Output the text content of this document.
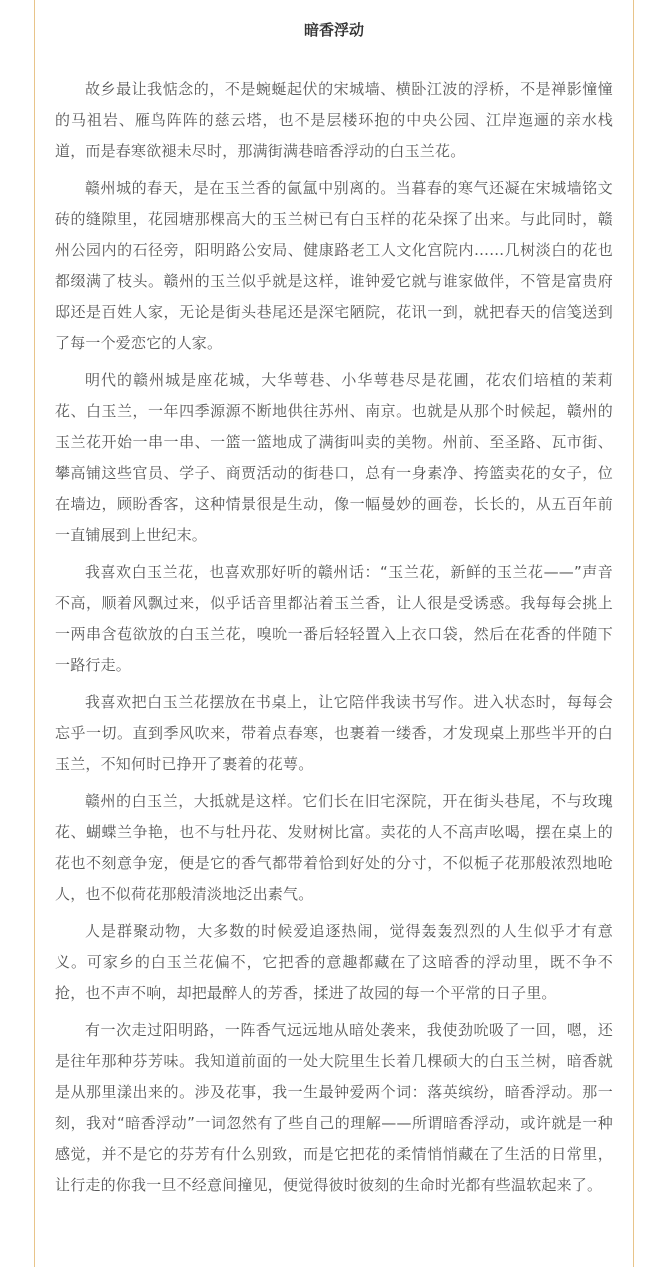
暗香浮动

故乡最让我惦念的，不是蜿蜒起伏的宋城墙、横卧江波的浮桥，不是禅影憧憧的马祖岩、雁鸟阵阵的慈云塔，也不是层楼环抱的中央公园、江岸迤逦的亲水栈道，而是春寒欲褪未尽时，那满街满巷暗香浮动的白玉兰花。

赣州城的春天，是在玉兰香的氤氲中别离的。当暮春的寒气还凝在宋城墙铭文砖的缝隙里，花园塘那棵高大的玉兰树已有白玉样的花朵探了出来。与此同时，赣州公园内的石径旁，阳明路公安局、健康路老工人文化宫院内……几树淡白的花也都缀满了枝头。赣州的玉兰似乎就是这样，谁钟爱它就与谁家做伴，不管是富贵府邸还是百姓人家，无论是街头巷尾还是深宅陋院，花讯一到，就把春天的信笺送到了每一个爱恋它的人家。

明代的赣州城是座花城，大华萼巷、小华萼巷尽是花圃，花农们培植的茉莉花、白玉兰，一年四季源源不断地供往苏州、南京。也就是从那个时候起，赣州的玉兰花开始一串一串、一篮一篮地成了满街叫卖的美物。州前、至圣路、瓦市街、攀高铺这些官员、学子、商贾活动的街巷口，总有一身素净、挎篮卖花的女子，位在墙边，顾盼香客，这种情景很是生动，像一幅曼妙的画卷，长长的，从五百年前一直铺展到上世纪末。

我喜欢白玉兰花，也喜欢那好听的赣州话：“玉兰花，新鲜的玉兰花——”声音不高，顺着风飘过来，似乎话音里都沾着玉兰香，让人很是受诱惑。我每每会挑上一两串含苞欲放的白玉兰花，嗅吮一番后轻轻置入上衣口袋，然后在花香的伴随下一路行走。

我喜欢把白玉兰花摆放在书桌上，让它陪伴我读书写作。进入状态时，每每会忘乎一切。直到季风吹来，带着点春寒，也裹着一缕香，才发现桌上那些半开的白玉兰，不知何时已挣开了裹着的花萼。

赣州的白玉兰，大抵就是这样。它们长在旧宅深院，开在街头巷尾，不与玫瑰花、蝴蝶兰争艳，也不与牡丹花、发财树比富。卖花的人不高声吆喝，摆在桌上的花也不刻意争宠，便是它的香气都带着恰到好处的分寸，不似栀子花那般浓烈地呛人，也不似荷花那般清淡地泛出素气。

人是群聚动物，大多数的时候爱追逐热闹，觉得轰轰烈烈的人生似乎才有意义。可家乡的白玉兰花偏不，它把香的意趣都藏在了这暗香的浮动里，既不争不抢，也不声不响，却把最醉人的芳香，揉进了故园的每一个平常的日子里。

有一次走过阳明路，一阵香气远远地从暗处袭来，我使劲吮吸了一回，嗯，还是往年那种芬芳味。我知道前面的一处大院里生长着几棵硕大的白玉兰树，暗香就是从那里漾出来的。涉及花事，我一生最钟爱两个词：落英缤纷，暗香浮动。那一刻，我对“暗香浮动”一词忽然有了些自己的理解——所谓暗香浮动，或许就是一种感觉，并不是它的芬芳有什么别致，而是它把花的柔情悄悄藏在了生活的日常里，让行走的你我一旦不经意间撞见，便觉得彼时彼刻的生命时光都有些温软起来了。
